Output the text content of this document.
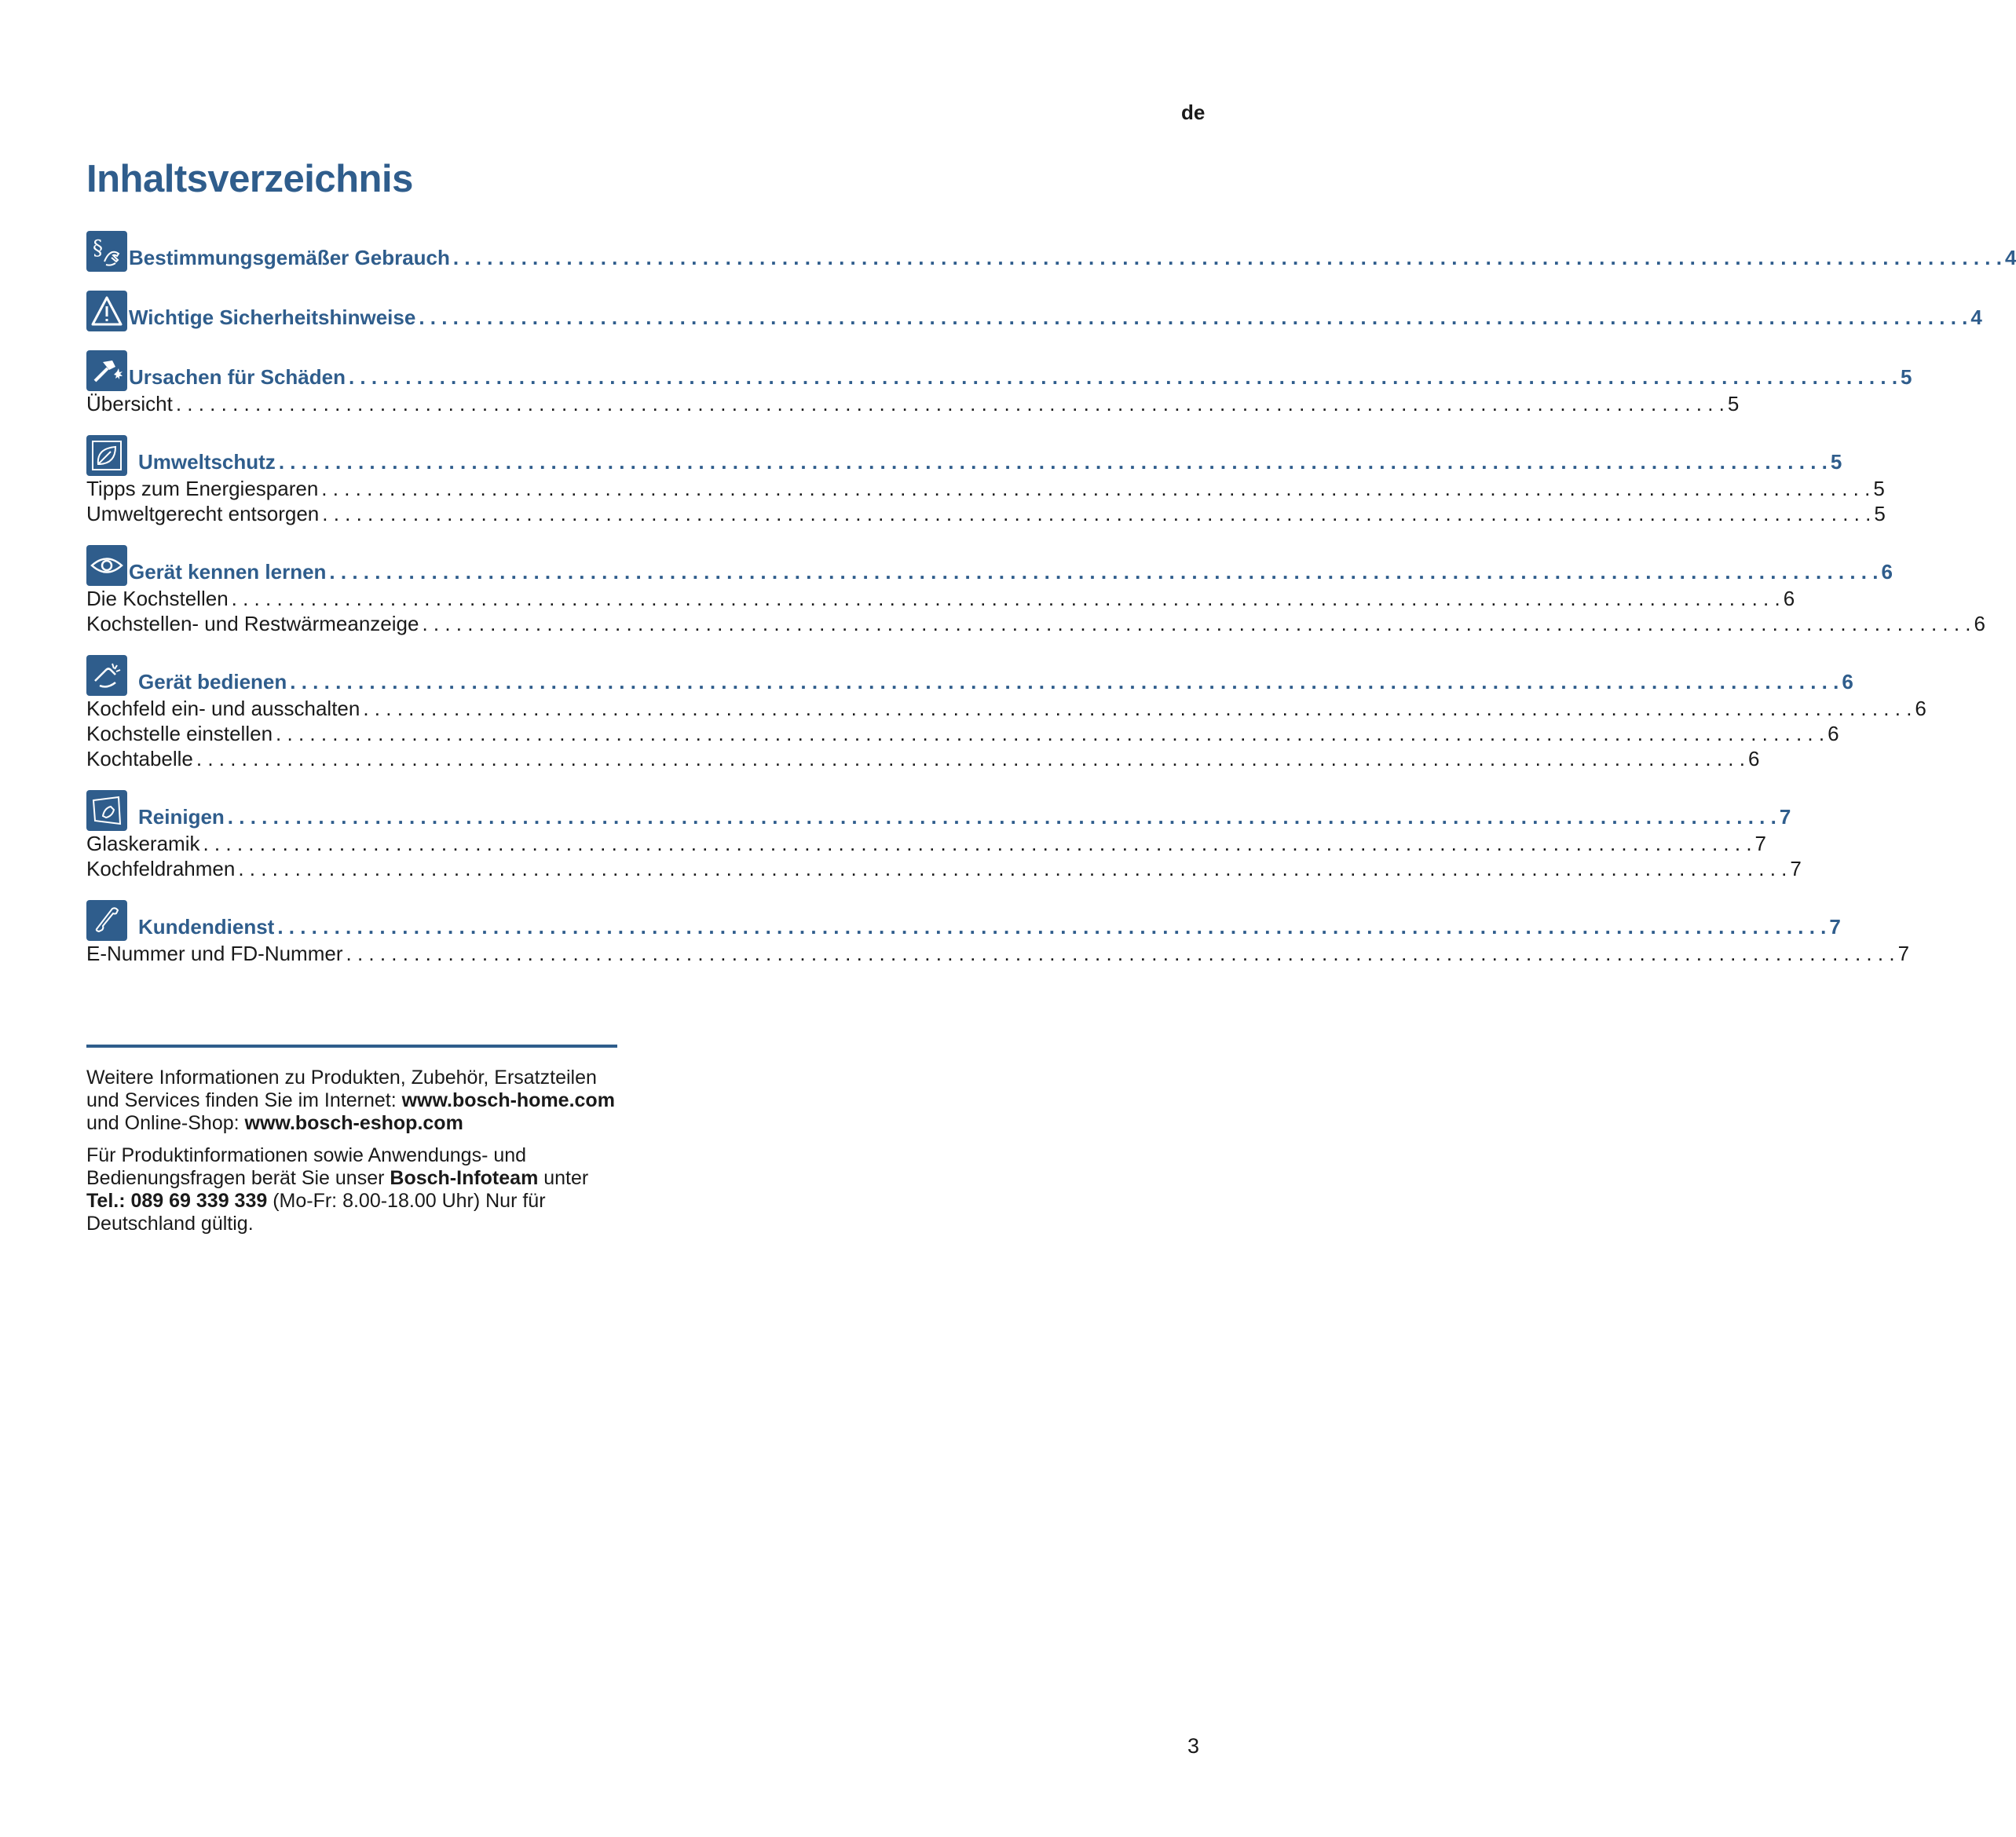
de
Inhaltsverzeichnis
§ Bestimmungsgemäßer Gebrauch . . .	4
Wichtige Sicherheitshinweise . . .	4
Ursachen für Schäden . . .	5
Übersicht . . .	5
Umweltschutz . . .	5
Tipps zum Energiesparen . . .	5
Umweltgerecht entsorgen . . .	5
Gerät kennen lernen . . .	6
Die Kochstellen . . .	6
Kochstellen- und Restwärmeanzeige . . .	6
Gerät bedienen . . .	6
Kochfeld ein- und ausschalten . . .	6
Kochstelle einstellen . . .	6
Kochtabelle . . .	6
Reinigen . . .	7
Glaskeramik . . .	7
Kochfeldrahmen . . .	7
Kundendienst . . .	7
E-Nummer und FD-Nummer . . .	7

Weitere Informationen zu Produkten, Zubehör, Ersatzteilen und Services finden Sie im Internet: www.bosch-home.com und Online-Shop: www.bosch-eshop.com

Für Produktinformationen sowie Anwendungs- und Bedienungsfragen berät Sie unser Bosch-Infoteam unter Tel.: 089 69 339 339 (Mo-Fr: 8.00-18.00 Uhr) Nur für Deutschland gültig.

3
